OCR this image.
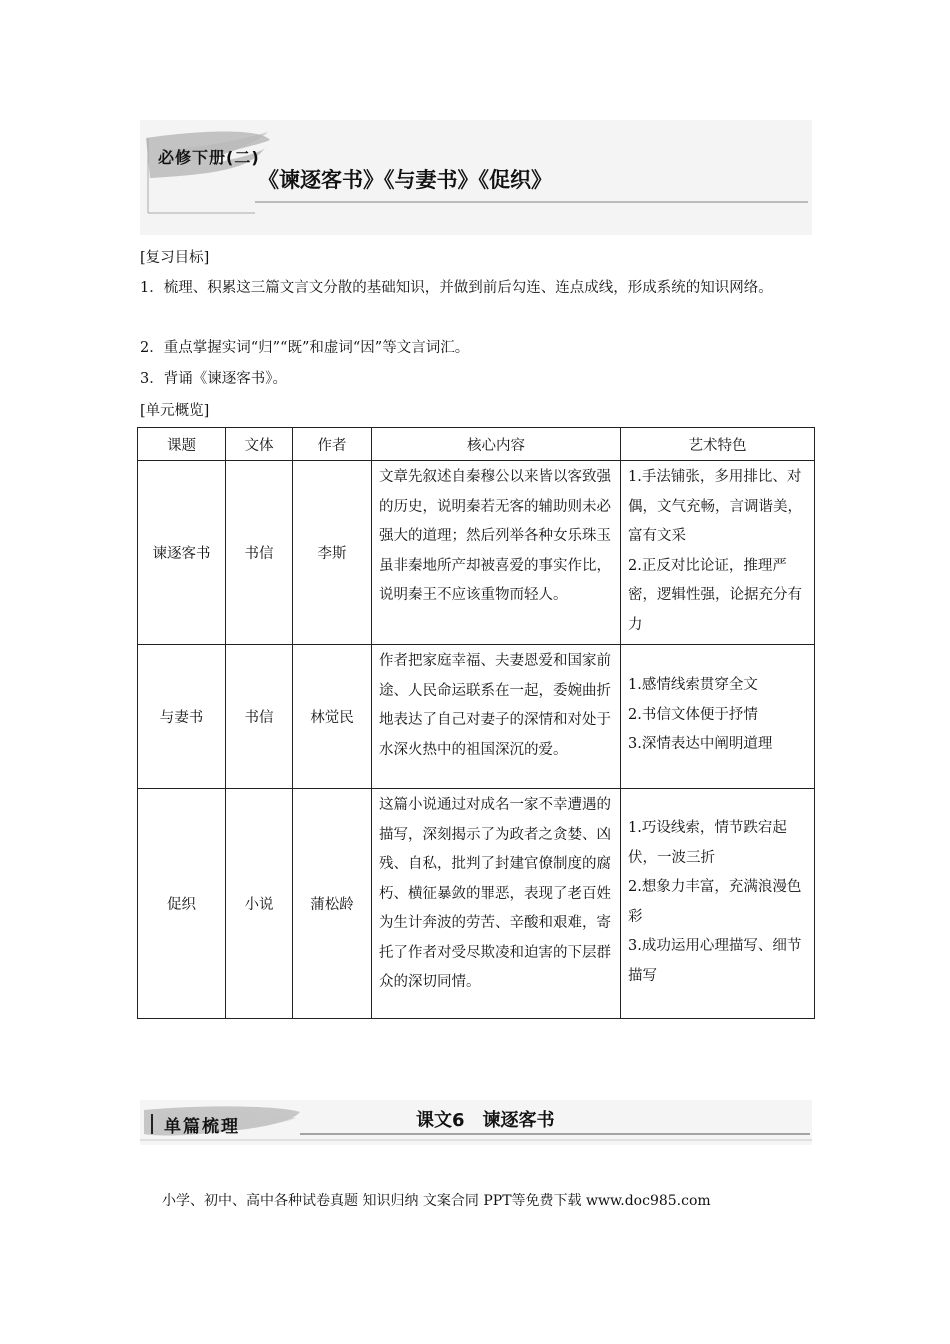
必修下册(二)
《谏逐客书》《与妻书》《促织》
[复习目标]
1．梳理、积累这三篇文言文分散的基础知识，并做到前后勾连、连点成线，形成系统的知识网络。
2．重点掌握实词“归”“既”和虚词“因”等文言词汇。
3．背诵《谏逐客书》。
[单元概览]
课题	文体	作者	核心内容	艺术特色
谏逐客书	书信	李斯	文章先叙述自秦穆公以来皆以客致强的历史，说明秦若无客的辅助则未必强大的道理；然后列举各种女乐珠玉虽非秦地所产却被喜爱的事实作比，说明秦王不应该重物而轻人。	1.手法铺张，多用排比、对偶，文气充畅，言调谐美，富有文采
2.正反对比论证，推理严密，逻辑性强，论据充分有力

与妻书	书信	林觉民	作者把家庭幸福、夫妻恩爱和国家前途、人民命运联系在一起，委婉曲折地表达了自己对妻子的深情和对处于水深火热中的祖国深沉的爱。	1.感情线索贯穿全文
2.书信文体便于抒情
3.深情表达中阐明道理

促织	小说	蒲松龄	这篇小说通过对成名一家不幸遭遇的描写，深刻揭示了为政者之贪婪、凶残、自私，批判了封建官僚制度的腐朽、横征暴敛的罪恶，表现了老百姓为生计奔波的劳苦、辛酸和艰难，寄托了作者对受尽欺凌和迫害的下层群众的深切同情。	1.巧设线索，情节跌宕起伏，一波三折
2.想象力丰富，充满浪漫色彩
3.成功运用心理描写、细节描写
单篇梳理	课文6　谏逐客书
小学、初中、高中各种试卷真题 知识归纳 文案合同 PPT等免费下载 www.doc985.com
